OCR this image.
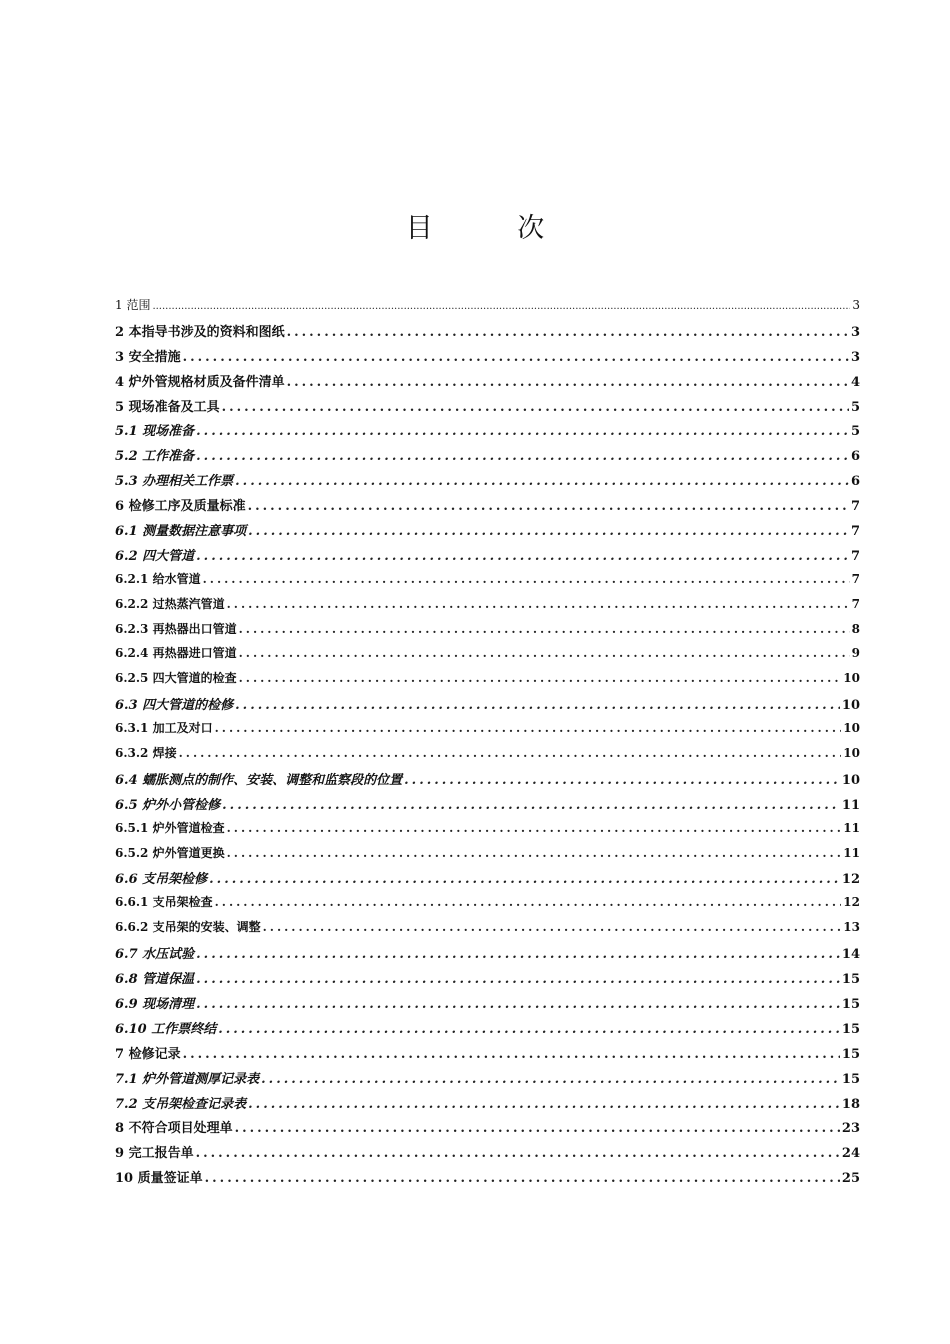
目 次
1 范围 .....	3
2 本指导书涉及的资料和图纸 .....	3
3 安全措施 .....	3
4 炉外管规格材质及备件清单 .....	4
5 现场准备及工具 .....	5
5.1 现场准备 .....	5
5.2 工作准备 .....	6
5.3 办理相关工作票 .....	6
6 检修工序及质量标准 .....	7
6.1 测量数据注意事项 .....	7
6.2 四大管道 .....	7
6.2.1 给水管道 .....	7
6.2.2 过热蒸汽管道 .....	7
6.2.3 再热器出口管道 .....	8
6.2.4 再热器进口管道 .....	9
6.2.5 四大管道的检查 .....	10
6.3 四大管道的检修 .....	10
6.3.1 加工及对口 .....	10
6.3.2 焊接 .....	10
6.4 蠕胀测点的制作、安装、调整和监察段的位置 .....	10
6.5 炉外小管检修 .....	11
6.5.1 炉外管道检查 .....	11
6.5.2 炉外管道更换 .....	11
6.6 支吊架检修 .....	12
6.6.1 支吊架检查 .....	12
6.6.2 支吊架的安装、调整 .....	13
6.7 水压试验 .....	14
6.8 管道保温 .....	15
6.9 现场清理 .....	15
6.10 工作票终结 .....	15
7 检修记录 .....	15
7.1 炉外管道测厚记录表 .....	15
7.2 支吊架检查记录表 .....	18
8 不符合项目处理单 .....	23
9 完工报告单 .....	24
10 质量签证单 .....	25
